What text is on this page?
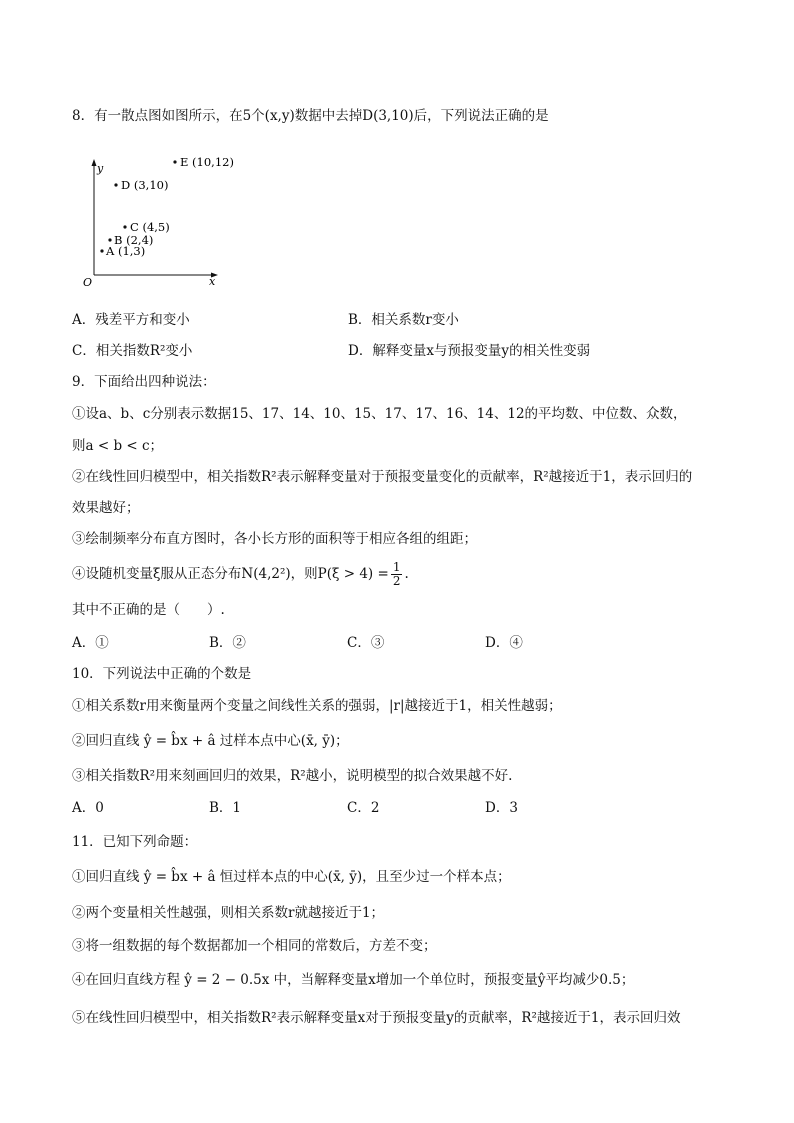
8．有一散点图如图所示，在5个(x,y)数据中去掉D(3,10)后，下列说法正确的是
y
x
O
E (10,12)
D (3,10)
C (4,5)
B (2,4)
A (1,3)
A．残差平方和变小	B．相关系数r变小
C．相关指数R²变小	D．解释变量x与预报变量y的相关性变弱
9．下面给出四种说法：
①设a、b、c分别表示数据15、17、14、10、15、17、17、16、14、12的平均数、中位数、众数，
则a < b < c；
②在线性回归模型中，相关指数R²表示解释变量对于预报变量变化的贡献率，R²越接近于1，表示回归的
效果越好；
③绘制频率分布直方图时，各小长方形的面积等于相应各组的组距；
④设随机变量ξ服从正态分布N(4,2²)，则$P(\xi > 4) = \frac{1}{2}$ .
其中不正确的是（　　）.
A．①	B．②	C．③	D．④
10．下列说法中正确的个数是
①相关系数r用来衡量两个变量之间线性关系的强弱，|r|越接近于1，相关性越弱；
②回归直线 ŷ = b̂x + â 过样本点中心(x̄, ȳ)；
③相关指数R²用来刻画回归的效果，R²越小，说明模型的拟合效果越不好.
A．0	B．1	C．2	D．3
11．已知下列命题：
①回归直线 ŷ = b̂x + â 恒过样本点的中心(x̄, ȳ)，且至少过一个样本点；
②两个变量相关性越强，则相关系数r就越接近于1；
③将一组数据的每个数据都加一个相同的常数后，方差不变；
④在回归直线方程 ŷ = 2 − 0.5x 中，当解释变量x增加一个单位时，预报变量ŷ平均减少0.5；
⑤在线性回归模型中，相关指数R²表示解释变量x对于预报变量y的贡献率，R²越接近于1，表示回归效
